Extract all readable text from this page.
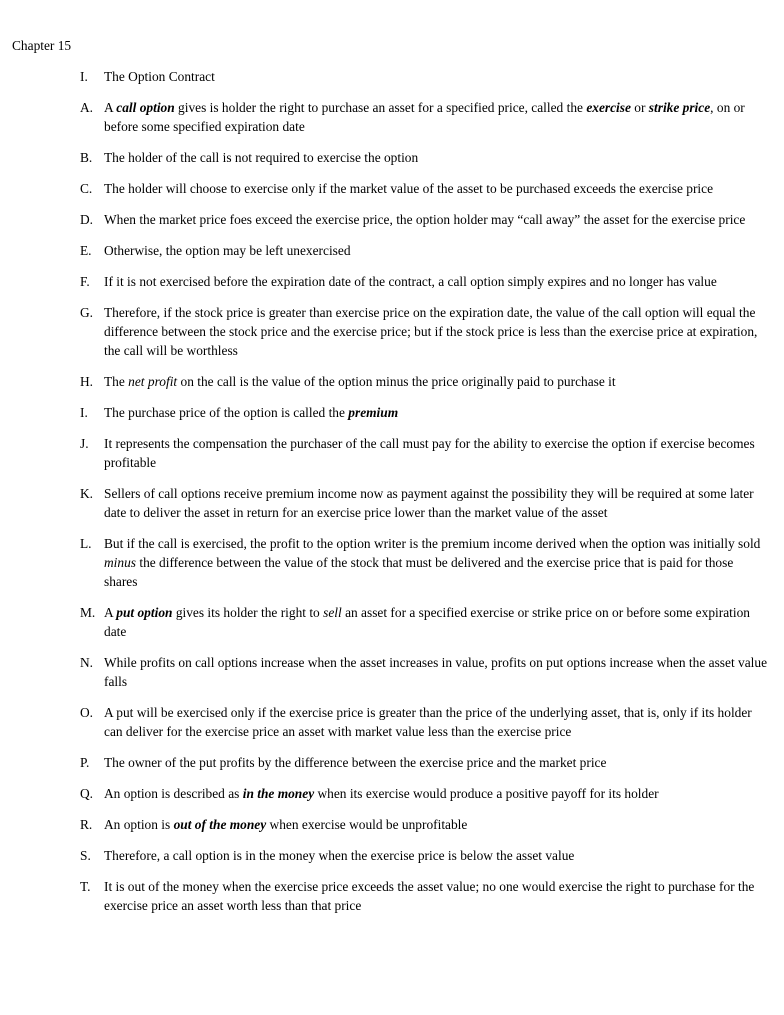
Chapter 15
I.	The Option Contract
A. A call option gives is holder the right to purchase an asset for a specified price, called the exercise or strike price, on or before some specified expiration date
B. The holder of the call is not required to exercise the option
C. The holder will choose to exercise only if the market value of the asset to be purchased exceeds the exercise price
D. When the market price foes exceed the exercise price, the option holder may “call away” the asset for the exercise price
E. Otherwise, the option may be left unexercised
F.	If it is not exercised before the expiration date of the contract, a call option simply expires and no longer has value
G. Therefore, if the stock price is greater than exercise price on the expiration date, the value of the call option will equal the difference between the stock price and the exercise price; but if the stock price is less than the exercise price at expiration, the call will be worthless
H. The net profit on the call is the value of the option minus the price originally paid to purchase it
I.	The purchase price of the option is called the premium
J.	It represents the compensation the purchaser of the call must pay for the ability to exercise the option if exercise becomes profitable
K. Sellers of call options receive premium income now as payment against the possibility they will be required at some later date to deliver the asset in return for an exercise price lower than the market value of the asset
L. But if the call is exercised, the profit to the option writer is the premium income derived when the option was initially sold minus the difference between the value of the stock that must be delivered and the exercise price that is paid for those shares
M. A put option gives its holder the right to sell an asset for a specified exercise or strike price on or before some expiration date
N. While profits on call options increase when the asset increases in value, profits on put options increase when the asset value falls
O. A put will be exercised only if the exercise price is greater than the price of the underlying asset, that is, only if its holder can deliver for the exercise price an asset with market value less than the exercise price
P.	The owner of the put profits by the difference between the exercise price and the market price
Q. An option is described as in the money when its exercise would produce a positive payoff for its holder
R. An option is out of the money when exercise would be unprofitable
S. Therefore, a call option is in the money when the exercise price is below the asset value
T.	It is out of the money when the exercise price exceeds the asset value; no one would exercise the right to purchase for the exercise price an asset worth less than that price
